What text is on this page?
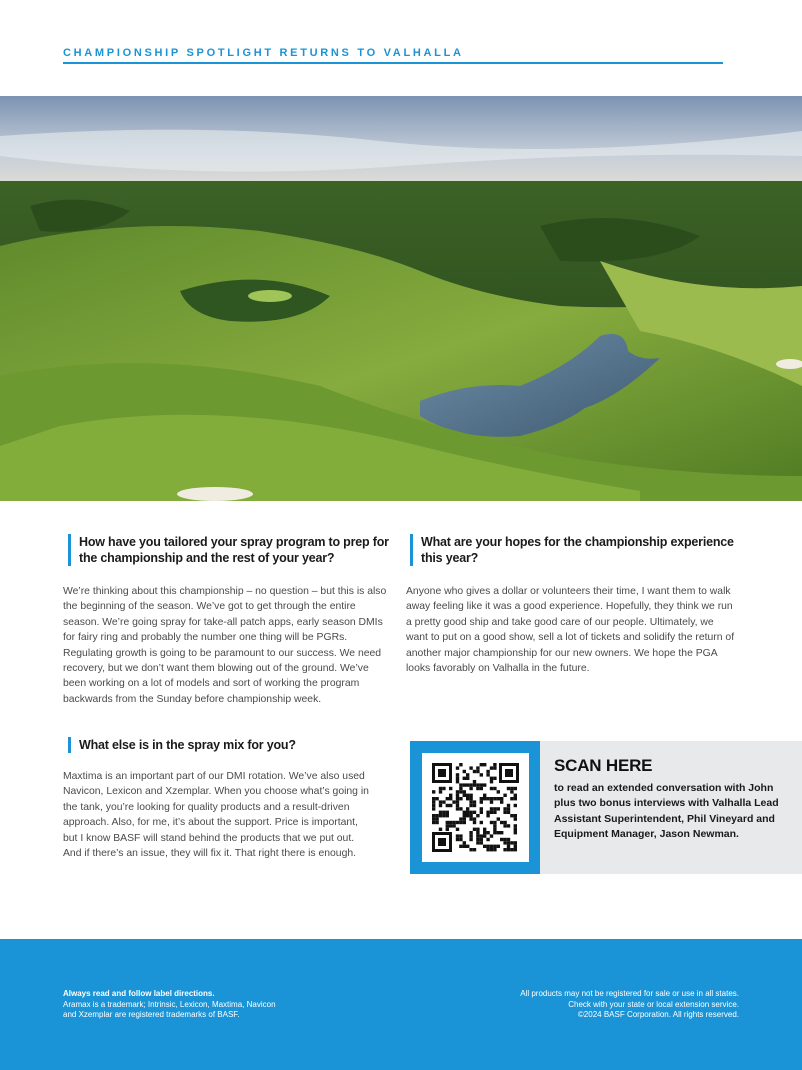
CHAMPIONSHIP SPOTLIGHT RETURNS TO VALHALLA
How have you tailored your spray program to prep for the championship and the rest of your year?
We’re thinking about this championship – no question – but this is also the beginning of the season. We’ve got to get through the entire season. We’re going spray for take-all patch apps, early season DMIs for fairy ring and probably the number one thing will be PGRs. Regulating growth is going to be paramount to our success. We need recovery, but we don’t want them blowing out of the ground. We’ve been working on a lot of models and sort of working the program backwards from the Sunday before championship week.
What else is in the spray mix for you?
Maxtima is an important part of our DMI rotation. We’ve also used Navicon, Lexicon and Xzemplar. When you choose what’s going in the tank, you’re looking for quality products and a result-driven approach. Also, for me, it’s about the support. Price is important, but I know BASF will stand behind the products that we put out. And if there’s an issue, they will fix it. That right there is enough.
What are your hopes for the championship experience this year?
Anyone who gives a dollar or volunteers their time, I want them to walk away feeling like it was a good experience. Hopefully, they think we run a pretty good ship and take good care of our people. Ultimately, we want to put on a good show, sell a lot of tickets and solidify the return of another major championship for our new owners. We hope the PGA looks favorably on Valhalla in the future.
SCAN HERE
to read an extended conversation with John plus two bonus interviews with Valhalla Lead Assistant Superintendent, Phil Vineyard and Equipment Manager, Jason Newman.
Always read and follow label directions.
Aramax is a trademark; Intrinsic, Lexicon, Maxtima, Navicon
and Xzemplar are registered trademarks of BASF.
All products may not be registered for sale or use in all states.
Check with your state or local extension service.
©2024 BASF Corporation. All rights reserved.
